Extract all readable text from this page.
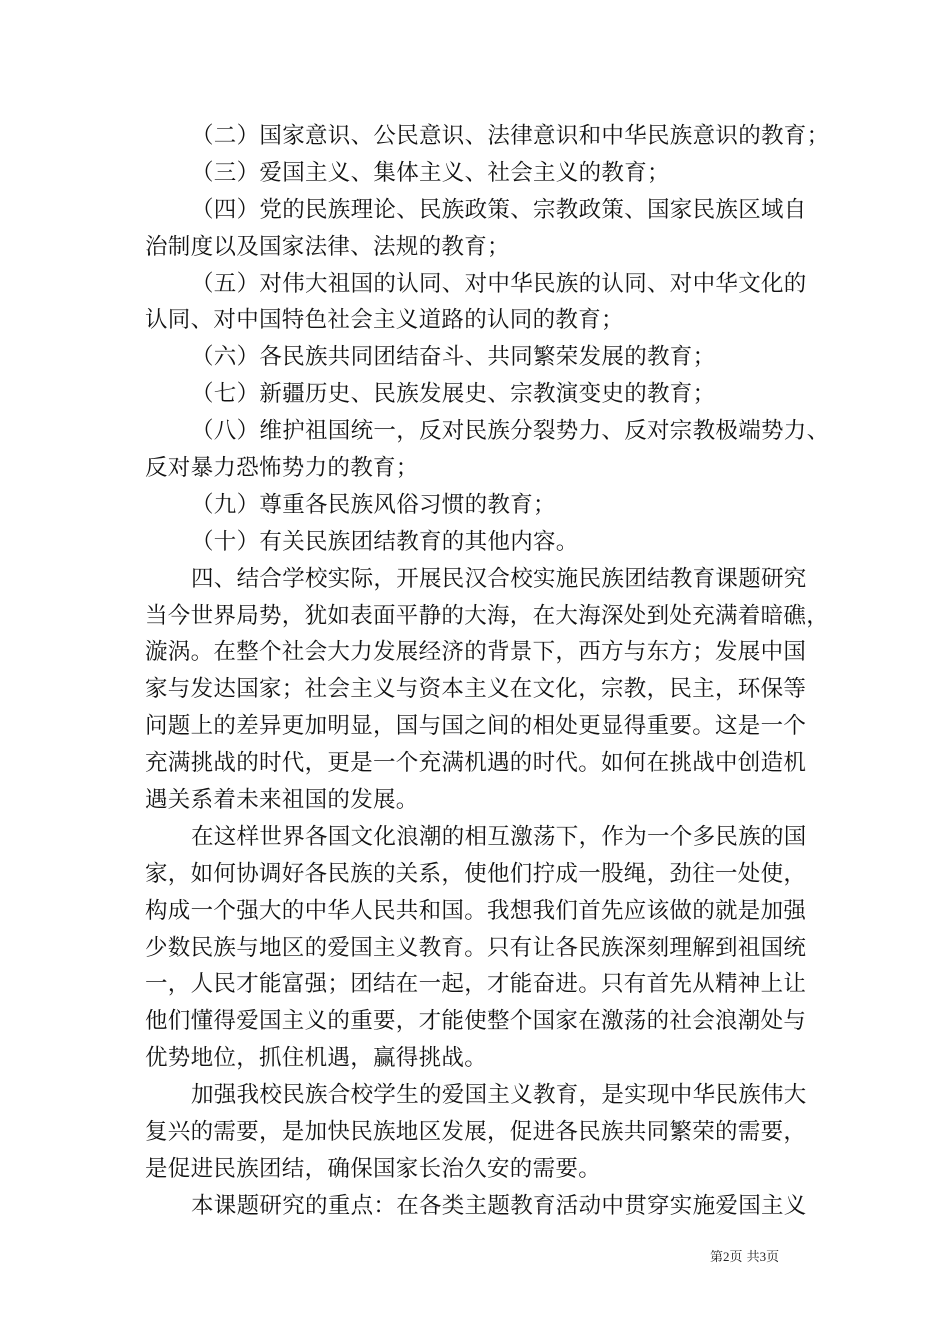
（二）国家意识、公民意识、法律意识和中华民族意识的教育；
（三）爱国主义、集体主义、社会主义的教育；
（四）党的民族理论、民族政策、宗教政策、国家民族区域自
治制度以及国家法律、法规的教育；
（五）对伟大祖国的认同、对中华民族的认同、对中华文化的
认同、对中国特色社会主义道路的认同的教育；
（六）各民族共同团结奋斗、共同繁荣发展的教育；
（七）新疆历史、民族发展史、宗教演变史的教育；
（八）维护祖国统一，反对民族分裂势力、反对宗教极端势力、
反对暴力恐怖势力的教育；
（九）尊重各民族风俗习惯的教育；
（十）有关民族团结教育的其他内容。
四、结合学校实际，开展民汉合校实施民族团结教育课题研究
当今世界局势，犹如表面平静的大海，在大海深处到处充满着暗礁，
漩涡。在整个社会大力发展经济的背景下，西方与东方；发展中国
家与发达国家；社会主义与资本主义在文化，宗教，民主，环保等
问题上的差异更加明显，国与国之间的相处更显得重要。这是一个
充满挑战的时代，更是一个充满机遇的时代。如何在挑战中创造机
遇关系着未来祖国的发展。
在这样世界各国文化浪潮的相互激荡下，作为一个多民族的国
家，如何协调好各民族的关系，使他们拧成一股绳，劲往一处使，
构成一个强大的中华人民共和国。我想我们首先应该做的就是加强
少数民族与地区的爱国主义教育。只有让各民族深刻理解到祖国统
一，人民才能富强；团结在一起，才能奋进。只有首先从精神上让
他们懂得爱国主义的重要，才能使整个国家在激荡的社会浪潮处与
优势地位，抓住机遇，赢得挑战。
加强我校民族合校学生的爱国主义教育，是实现中华民族伟大
复兴的需要，是加快民族地区发展，促进各民族共同繁荣的需要，
是促进民族团结，确保国家长治久安的需要。
本课题研究的重点：在各类主题教育活动中贯穿实施爱国主义
第2页 共3页
